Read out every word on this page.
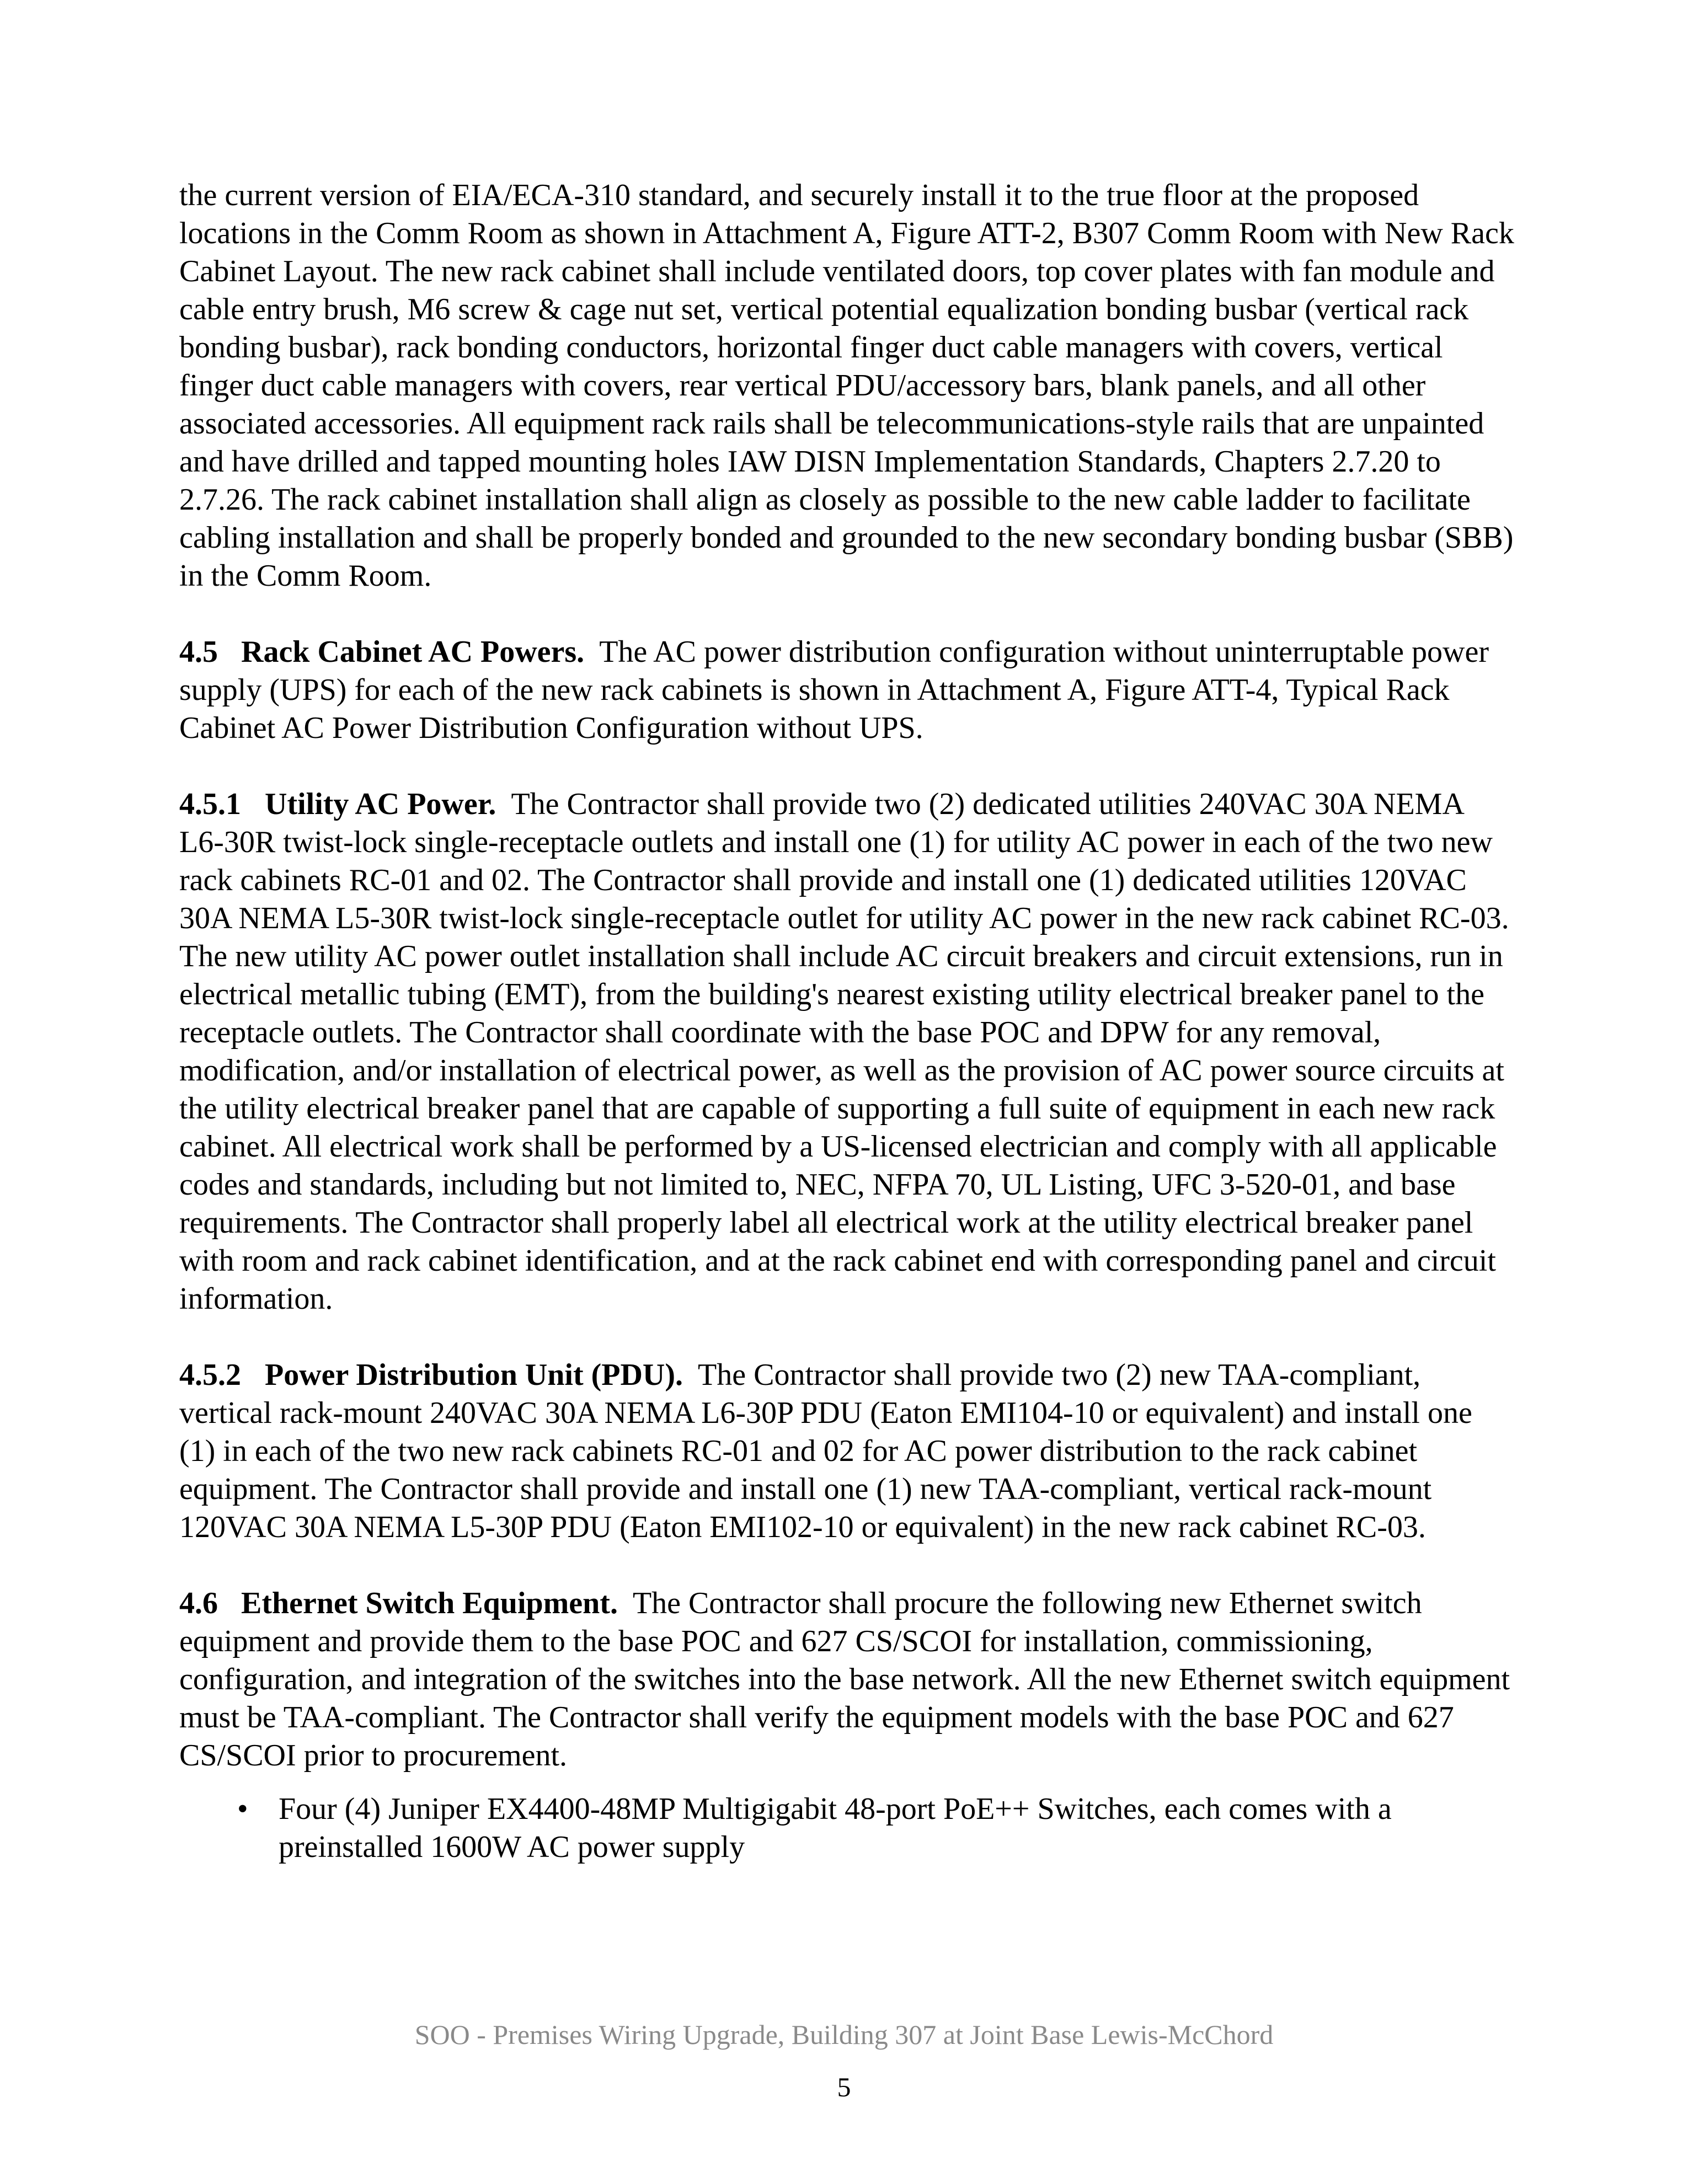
the current version of EIA/ECA-310 standard, and securely install it to the true floor at the proposed locations in the Comm Room as shown in Attachment A, Figure ATT-2, B307 Comm Room with New Rack Cabinet Layout. The new rack cabinet shall include ventilated doors, top cover plates with fan module and cable entry brush, M6 screw & cage nut set, vertical potential equalization bonding busbar (vertical rack bonding busbar), rack bonding conductors, horizontal finger duct cable managers with covers, vertical finger duct cable managers with covers, rear vertical PDU/accessory bars, blank panels, and all other associated accessories. All equipment rack rails shall be telecommunications-style rails that are unpainted and have drilled and tapped mounting holes IAW DISN Implementation Standards, Chapters 2.7.20 to 2.7.26. The rack cabinet installation shall align as closely as possible to the new cable ladder to facilitate cabling installation and shall be properly bonded and grounded to the new secondary bonding busbar (SBB) in the Comm Room.

4.5 Rack Cabinet AC Powers. The AC power distribution configuration without uninterruptable power supply (UPS) for each of the new rack cabinets is shown in Attachment A, Figure ATT-4, Typical Rack Cabinet AC Power Distribution Configuration without UPS.

4.5.1 Utility AC Power. The Contractor shall provide two (2) dedicated utilities 240VAC 30A NEMA L6-30R twist-lock single-receptacle outlets and install one (1) for utility AC power in each of the two new rack cabinets RC-01 and 02. The Contractor shall provide and install one (1) dedicated utilities 120VAC 30A NEMA L5-30R twist-lock single-receptacle outlet for utility AC power in the new rack cabinet RC-03. The new utility AC power outlet installation shall include AC circuit breakers and circuit extensions, run in electrical metallic tubing (EMT), from the building's nearest existing utility electrical breaker panel to the receptacle outlets. The Contractor shall coordinate with the base POC and DPW for any removal, modification, and/or installation of electrical power, as well as the provision of AC power source circuits at the utility electrical breaker panel that are capable of supporting a full suite of equipment in each new rack cabinet. All electrical work shall be performed by a US-licensed electrician and comply with all applicable codes and standards, including but not limited to, NEC, NFPA 70, UL Listing, UFC 3-520-01, and base requirements. The Contractor shall properly label all electrical work at the utility electrical breaker panel with room and rack cabinet identification, and at the rack cabinet end with corresponding panel and circuit information.

4.5.2 Power Distribution Unit (PDU). The Contractor shall provide two (2) new TAA-compliant, vertical rack-mount 240VAC 30A NEMA L6-30P PDU (Eaton EMI104-10 or equivalent) and install one (1) in each of the two new rack cabinets RC-01 and 02 for AC power distribution to the rack cabinet equipment. The Contractor shall provide and install one (1) new TAA-compliant, vertical rack-mount 120VAC 30A NEMA L5-30P PDU (Eaton EMI102-10 or equivalent) in the new rack cabinet RC-03.

4.6 Ethernet Switch Equipment. The Contractor shall procure the following new Ethernet switch equipment and provide them to the base POC and 627 CS/SCOI for installation, commissioning, configuration, and integration of the switches into the base network. All the new Ethernet switch equipment must be TAA-compliant. The Contractor shall verify the equipment models with the base POC and 627 CS/SCOI prior to procurement.

• Four (4) Juniper EX4400-48MP Multigigabit 48-port PoE++ Switches, each comes with a preinstalled 1600W AC power supply
SOO - Premises Wiring Upgrade, Building 307 at Joint Base Lewis-McChord
5
